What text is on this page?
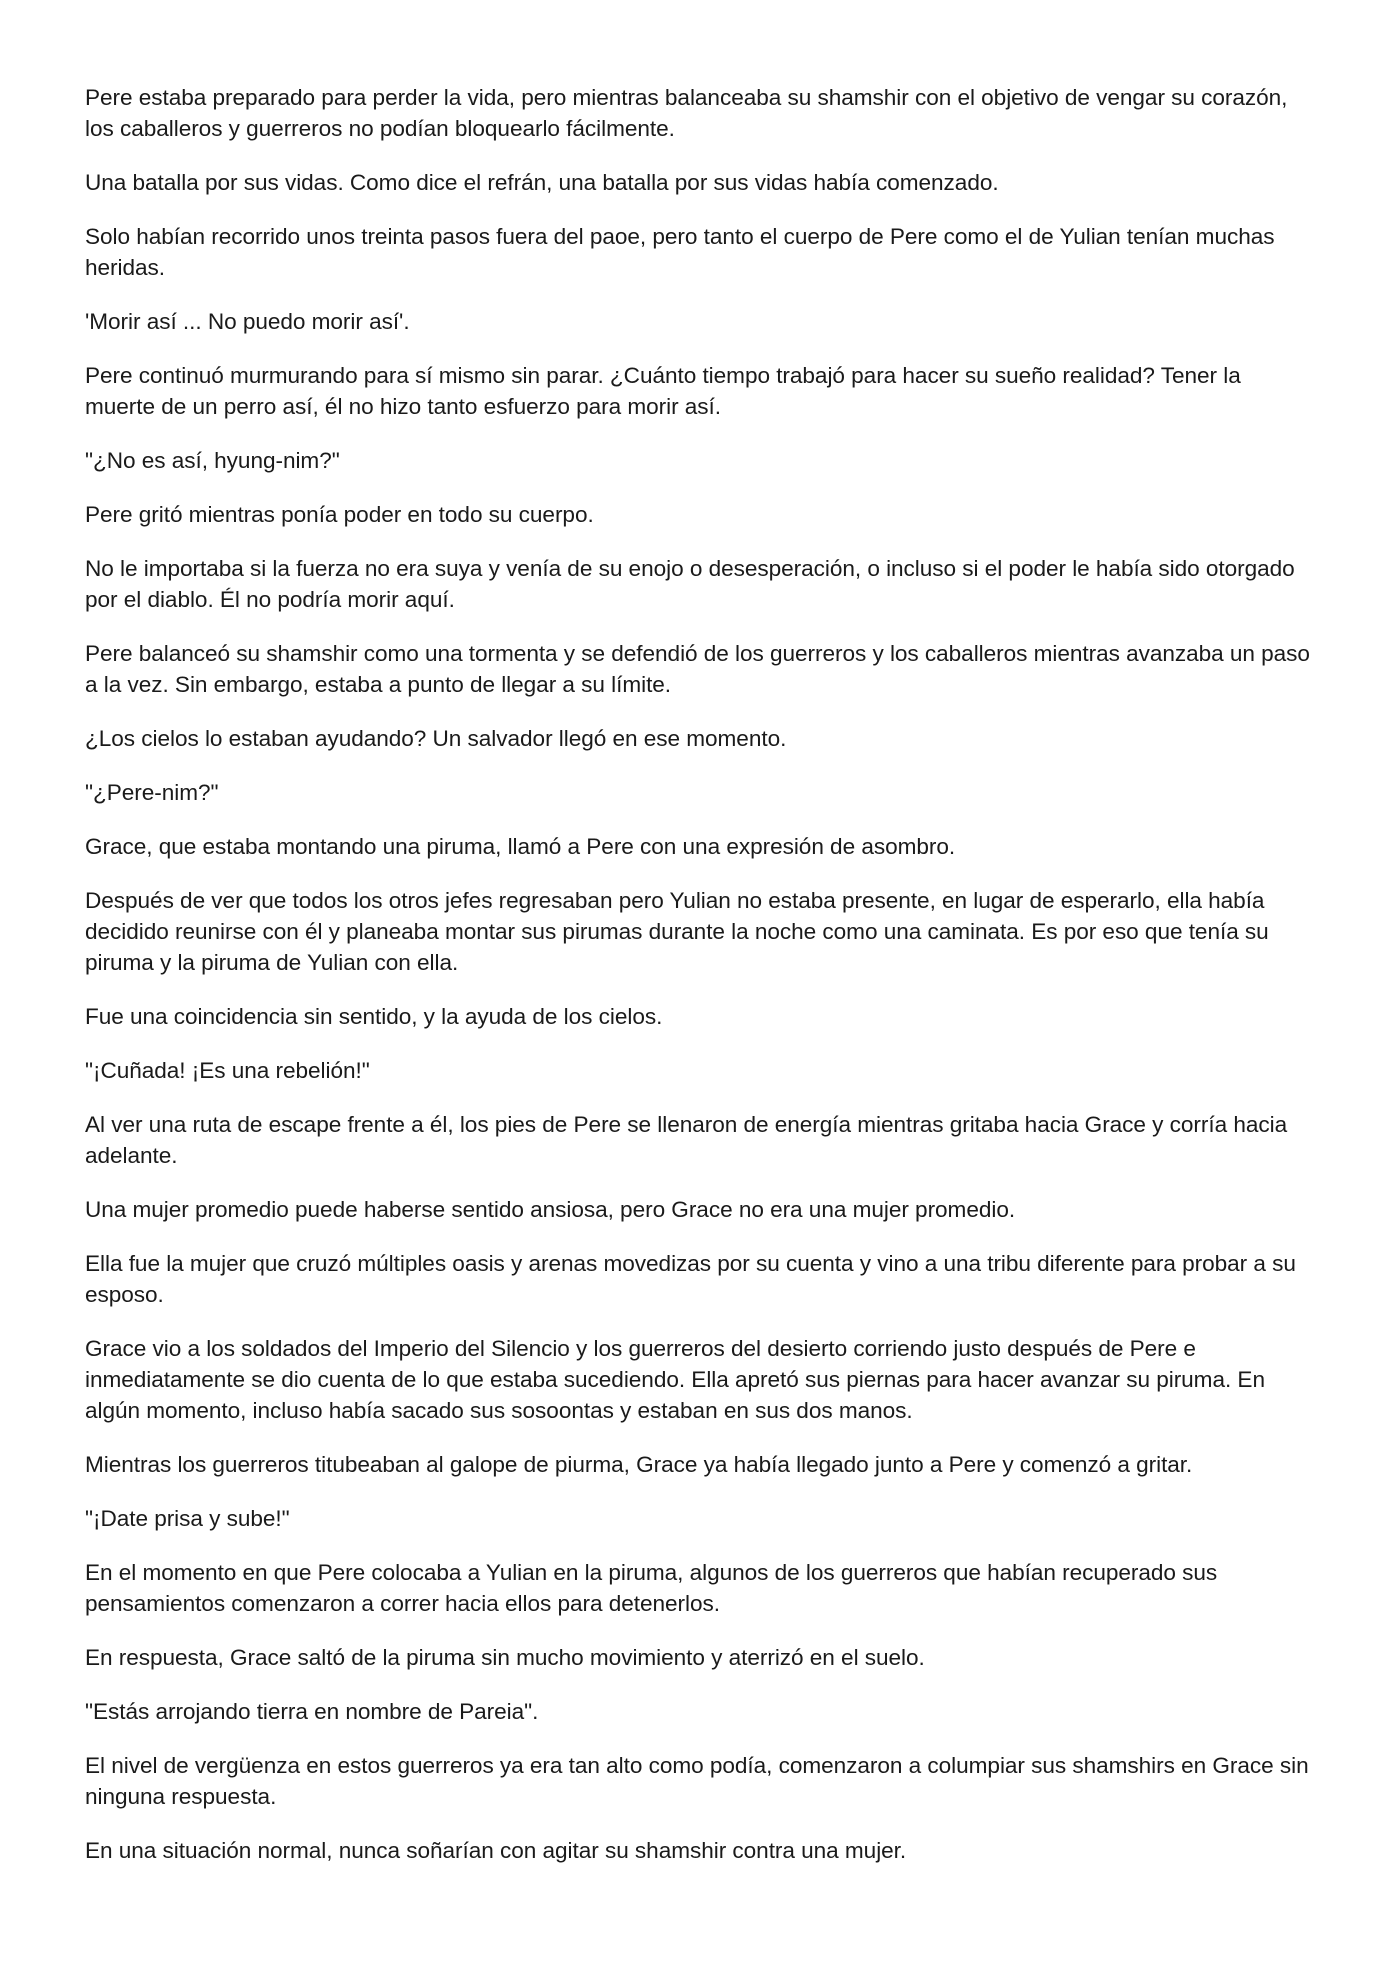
Pere estaba preparado para perder la vida, pero mientras balanceaba su shamshir con el objetivo de vengar su corazón, los caballeros y guerreros no podían bloquearlo fácilmente.

Una batalla por sus vidas. Como dice el refrán, una batalla por sus vidas había comenzado.

Solo habían recorrido unos treinta pasos fuera del paoe, pero tanto el cuerpo de Pere como el de Yulian tenían muchas heridas.

'Morir así ... No puedo morir así'.

Pere continuó murmurando para sí mismo sin parar. ¿Cuánto tiempo trabajó para hacer su sueño realidad? Tener la muerte de un perro así, él no hizo tanto esfuerzo para morir así.

"¿No es así, hyung-nim?"

Pere gritó mientras ponía poder en todo su cuerpo.

No le importaba si la fuerza no era suya y venía de su enojo o desesperación, o incluso si el poder le había sido otorgado por el diablo. Él no podría morir aquí.

Pere balanceó su shamshir como una tormenta y se defendió de los guerreros y los caballeros mientras avanzaba un paso a la vez. Sin embargo, estaba a punto de llegar a su límite.

¿Los cielos lo estaban ayudando? Un salvador llegó en ese momento.

"¿Pere-nim?"

Grace, que estaba montando una piruma, llamó a Pere con una expresión de asombro.

Después de ver que todos los otros jefes regresaban pero Yulian no estaba presente, en lugar de esperarlo, ella había decidido reunirse con él y planeaba montar sus pirumas durante la noche como una caminata. Es por eso que tenía su piruma y la piruma de Yulian con ella.

Fue una coincidencia sin sentido, y la ayuda de los cielos.

"¡Cuñada! ¡Es una rebelión!"

Al ver una ruta de escape frente a él, los pies de Pere se llenaron de energía mientras gritaba hacia Grace y corría hacia adelante.

Una mujer promedio puede haberse sentido ansiosa, pero Grace no era una mujer promedio.

Ella fue la mujer que cruzó múltiples oasis y arenas movedizas por su cuenta y vino a una tribu diferente para probar a su esposo.

Grace vio a los soldados del Imperio del Silencio y los guerreros del desierto corriendo justo después de Pere e inmediatamente se dio cuenta de lo que estaba sucediendo. Ella apretó sus piernas para hacer avanzar su piruma. En algún momento, incluso había sacado sus sosoontas y estaban en sus dos manos.

Mientras los guerreros titubeaban al galope de piurma, Grace ya había llegado junto a Pere y comenzó a gritar.

"¡Date prisa y sube!"

En el momento en que Pere colocaba a Yulian en la piruma, algunos de los guerreros que habían recuperado sus pensamientos comenzaron a correr hacia ellos para detenerlos.

En respuesta, Grace saltó de la piruma sin mucho movimiento y aterrizó en el suelo.

"Estás arrojando tierra en nombre de Pareia".

El nivel de vergüenza en estos guerreros ya era tan alto como podía, comenzaron a columpiar sus shamshirs en Grace sin ninguna respuesta.

En una situación normal, nunca soñarían con agitar su shamshir contra una mujer.
